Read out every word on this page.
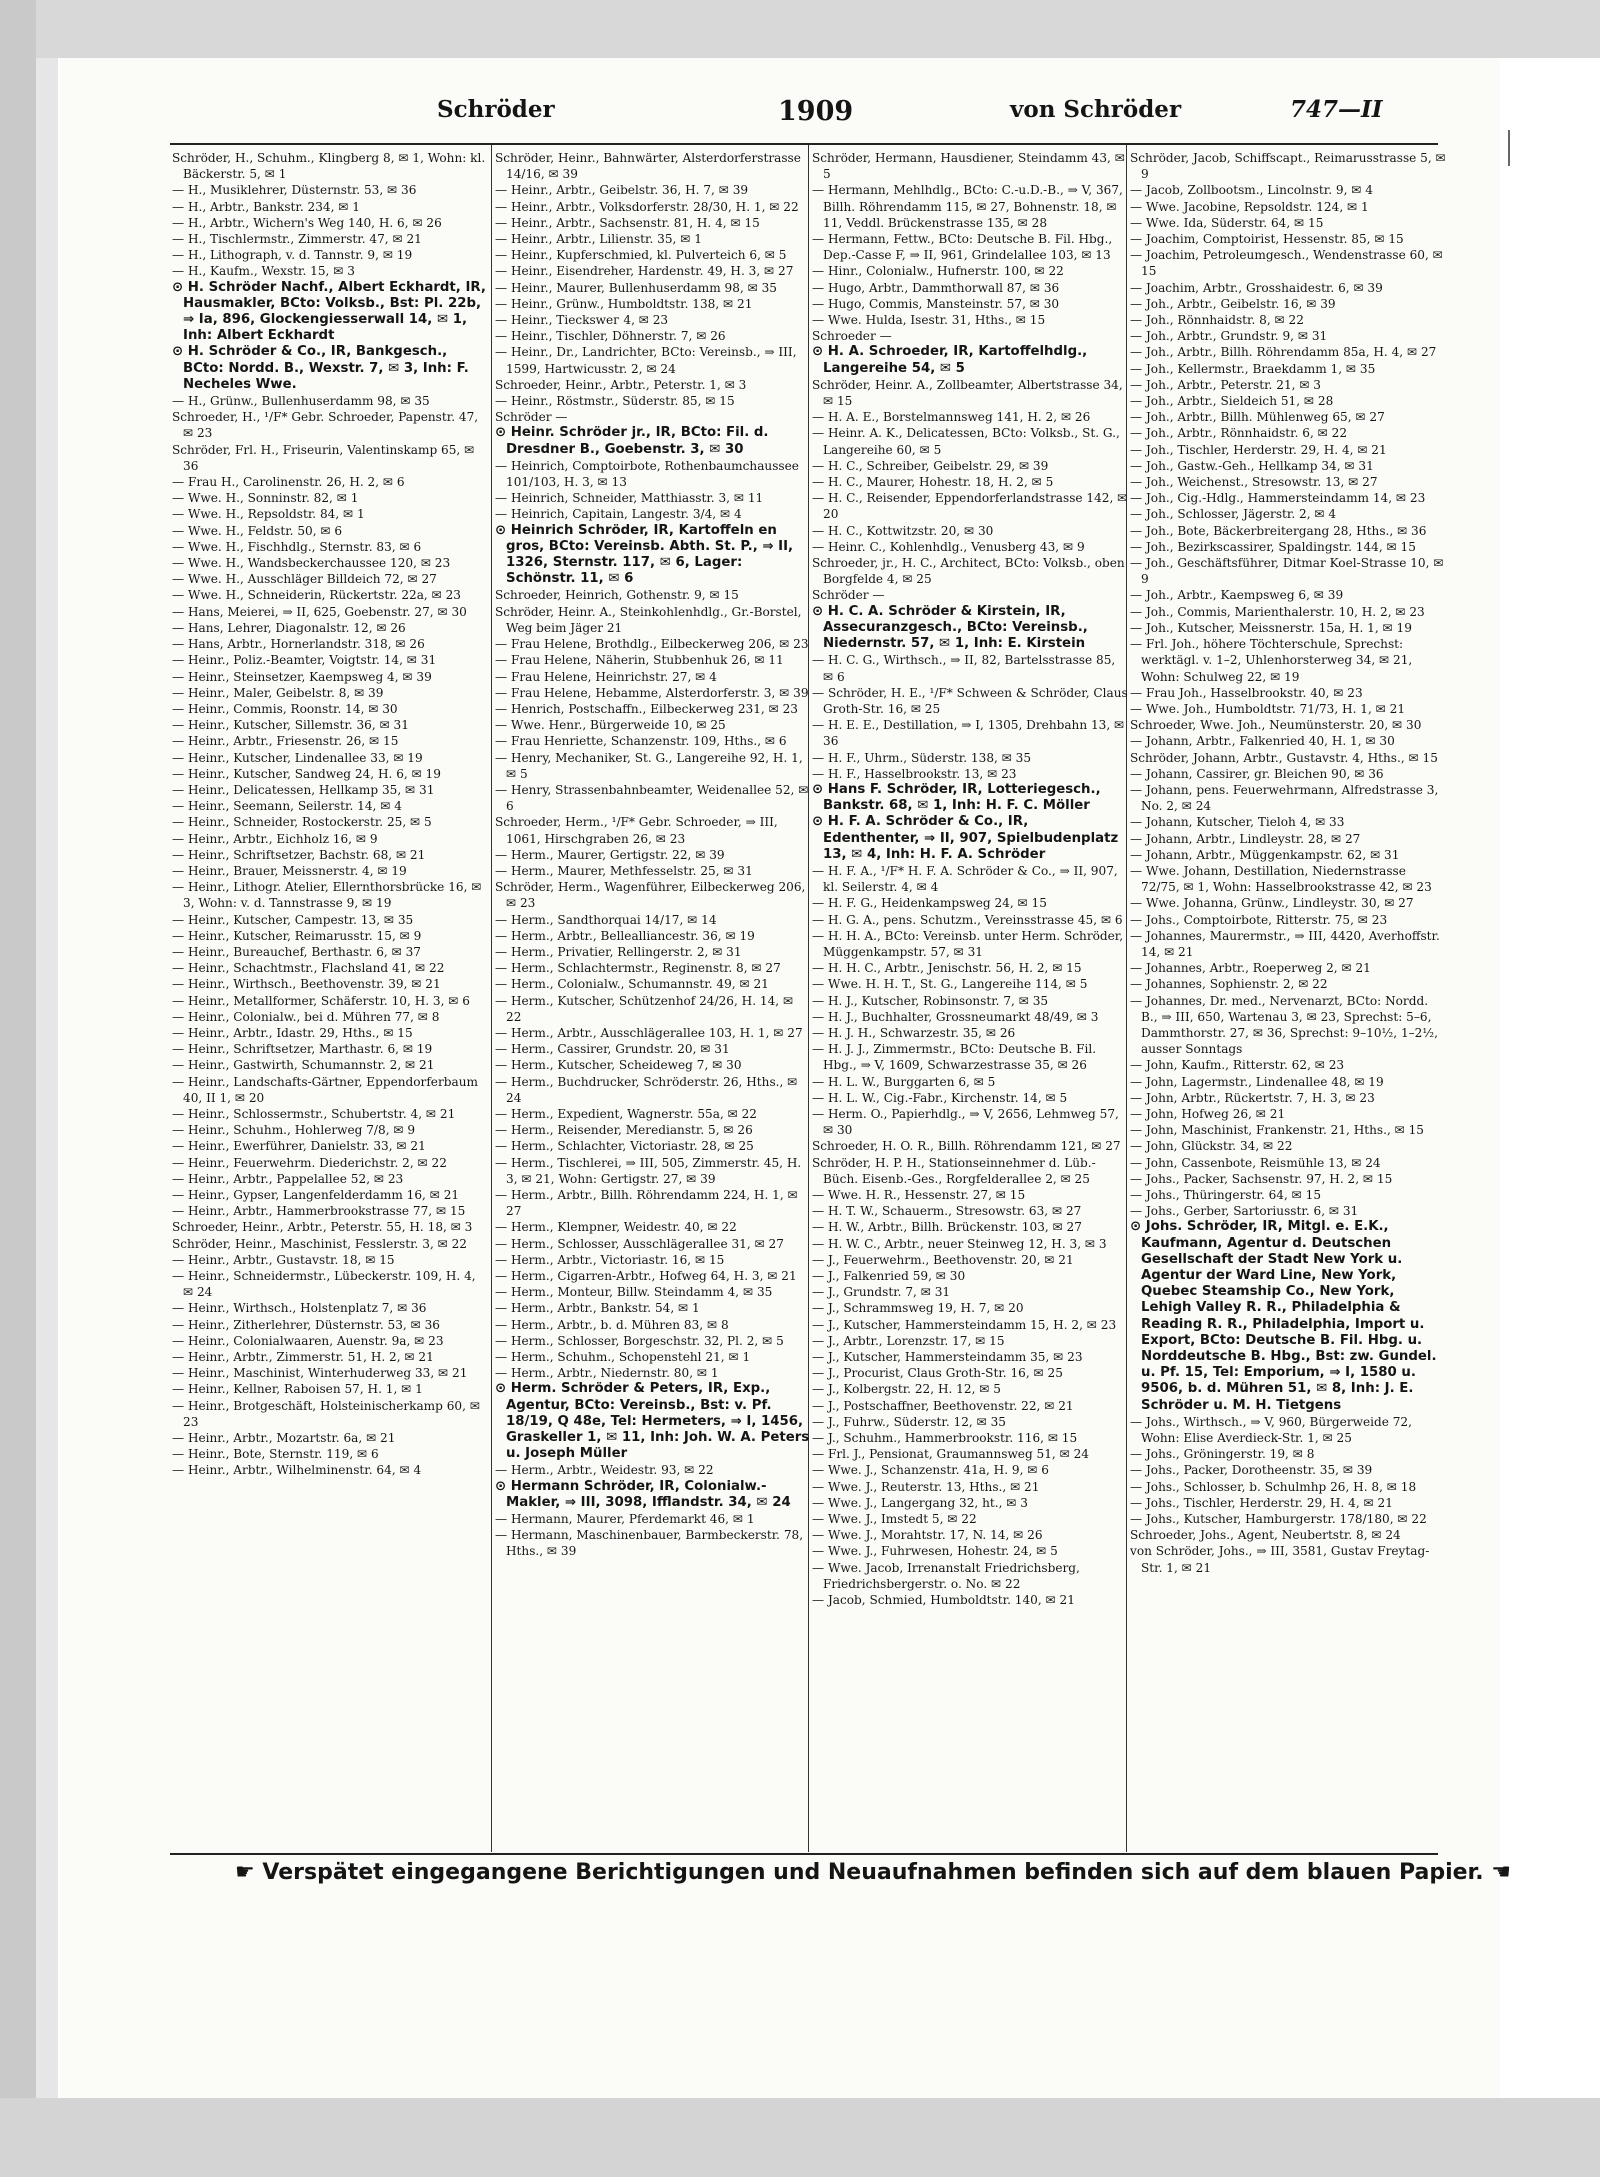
Schröder	1909	von Schröder	747—II

Schröder, H., Schuhm., Klingberg 8, ✉ 1, Wohn: kl. Bäckerstr. 5, ✉ 1

— H., Musiklehrer, Düsternstr. 53, ✉ 36

— H., Arbtr., Bankstr. 234, ✉ 1

— H., Arbtr., Wichern's Weg 140, H. 6, ✉ 26

— H., Tischlermstr., Zimmerstr. 47, ✉ 21

— H., Lithograph, v. d. Tannstr. 9, ✉ 19

— H., Kaufm., Wexstr. 15, ✉ 3

⊙ H. Schröder Nachf., Albert Eckhardt, IR, Hausmakler, BCto: Volksb., Bst: Pl. 22b, ⇒ Ia, 896, Glockengiesserwall 14, ✉ 1, Inh: Albert Eckhardt

⊙ H. Schröder & Co., IR, Bankgesch., BCto: Nordd. B., Wexstr. 7, ✉ 3, Inh: F. Necheles Wwe.

— H., Grünw., Bullenhuserdamm 98, ✉ 35

Schroeder, H., ¹/F* Gebr. Schroeder, Papenstr. 47, ✉ 23

Schröder, Frl. H., Friseurin, Valentinskamp 65, ✉ 36

— Frau H., Carolinenstr. 26, H. 2, ✉ 6

— Wwe. H., Sonninstr. 82, ✉ 1

— Wwe. H., Repsoldstr. 84, ✉ 1

— Wwe. H., Feldstr. 50, ✉ 6

— Wwe. H., Fischhdlg., Sternstr. 83, ✉ 6

— Wwe. H., Wandsbeckerchaussee 120, ✉ 23

— Wwe. H., Ausschläger Billdeich 72, ✉ 27

— Wwe. H., Schneiderin, Rückertstr. 22a, ✉ 23

— Hans, Meierei, ⇒ II, 625, Goebenstr. 27, ✉ 30

— Hans, Lehrer, Diagonalstr. 12, ✉ 26

— Hans, Arbtr., Hornerlandstr. 318, ✉ 26

— Heinr., Poliz.-Beamter, Voigtstr. 14, ✉ 31

— Heinr., Steinsetzer, Kaempsweg 4, ✉ 39

— Heinr., Maler, Geibelstr. 8, ✉ 39

— Heinr., Commis, Roonstr. 14, ✉ 30

— Heinr., Kutscher, Sillemstr. 36, ✉ 31

— Heinr., Arbtr., Friesenstr. 26, ✉ 15

— Heinr., Kutscher, Lindenallee 33, ✉ 19

— Heinr., Kutscher, Sandweg 24, H. 6, ✉ 19

— Heinr., Delicatessen, Hellkamp 35, ✉ 31

— Heinr., Seemann, Seilerstr. 14, ✉ 4

— Heinr., Schneider, Rostockerstr. 25, ✉ 5

— Heinr., Arbtr., Eichholz 16, ✉ 9

— Heinr., Schriftsetzer, Bachstr. 68, ✉ 21

— Heinr., Brauer, Meissnerstr. 4, ✉ 19

— Heinr., Lithogr. Atelier, Ellernthorsbrücke 16, ✉ 3, Wohn: v. d. Tannstrasse 9, ✉ 19

— Heinr., Kutscher, Campestr. 13, ✉ 35

— Heinr., Kutscher, Reimarusstr. 15, ✉ 9

— Heinr., Bureauchef, Berthastr. 6, ✉ 37

— Heinr., Schachtmstr., Flachsland 41, ✉ 22

— Heinr., Wirthsch., Beethovenstr. 39, ✉ 21

— Heinr., Metallformer, Schäferstr. 10, H. 3, ✉ 6

— Heinr., Colonialw., bei d. Mühren 77, ✉ 8

— Heinr., Arbtr., Idastr. 29, Hths., ✉ 15

— Heinr., Schriftsetzer, Marthastr. 6, ✉ 19

— Heinr., Gastwirth, Schumannstr. 2, ✉ 21

— Heinr., Landschafts-Gärtner, Eppendorferbaum 40, II 1, ✉ 20

— Heinr., Schlossermstr., Schubertstr. 4, ✉ 21

— Heinr., Schuhm., Hohlerweg 7/8, ✉ 9

— Heinr., Ewerführer, Danielstr. 33, ✉ 21

— Heinr., Feuerwehrm. Diederichstr. 2, ✉ 22

— Heinr., Arbtr., Pappelallee 52, ✉ 23

— Heinr., Gypser, Langenfelderdamm 16, ✉ 21

— Heinr., Arbtr., Hammerbrookstrasse 77, ✉ 15

Schroeder, Heinr., Arbtr., Peterstr. 55, H. 18, ✉ 3

Schröder, Heinr., Maschinist, Fesslerstr. 3, ✉ 22

— Heinr., Arbtr., Gustavstr. 18, ✉ 15

— Heinr., Schneidermstr., Lübeckerstr. 109, H. 4, ✉ 24

— Heinr., Wirthsch., Holstenplatz 7, ✉ 36

— Heinr., Zitherlehrer, Düsternstr. 53, ✉ 36

— Heinr., Colonialwaaren, Auenstr. 9a, ✉ 23

— Heinr., Arbtr., Zimmerstr. 51, H. 2, ✉ 21

— Heinr., Maschinist, Winterhuderweg 33, ✉ 21

— Heinr., Kellner, Raboisen 57, H. 1, ✉ 1

— Heinr., Brotgeschäft, Holsteinischerkamp 60, ✉ 23

— Heinr., Arbtr., Mozartstr. 6a, ✉ 21

— Heinr., Bote, Sternstr. 119, ✉ 6

— Heinr., Arbtr., Wilhelminenstr. 64, ✉ 4

Schröder, Heinr., Bahnwärter, Alsterdorferstrasse 14/16, ✉ 39

— Heinr., Arbtr., Geibelstr. 36, H. 7, ✉ 39

— Heinr., Arbtr., Volksdorferstr. 28/30, H. 1, ✉ 22

— Heinr., Arbtr., Sachsenstr. 81, H. 4, ✉ 15

— Heinr., Arbtr., Lilienstr. 35, ✉ 1

— Heinr., Kupferschmied, kl. Pulverteich 6, ✉ 5

— Heinr., Eisendreher, Hardenstr. 49, H. 3, ✉ 27

— Heinr., Maurer, Bullenhuserdamm 98, ✉ 35

— Heinr., Grünw., Humboldtstr. 138, ✉ 21

— Heinr., Tieckswег 4, ✉ 23

— Heinr., Tischler, Döhnerstr. 7, ✉ 26

— Heinr., Dr., Landrichter, BCto: Vereinsb., ⇒ III, 1599, Hartwicusstr. 2, ✉ 24

Schroeder, Heinr., Arbtr., Peterstr. 1, ✉ 3

— Heinr., Röstmstr., Süderstr. 85, ✉ 15

Schröder —

⊙ Heinr. Schröder jr., IR, BCto: Fil. d. Dresdner B., Goebenstr. 3, ✉ 30

— Heinrich, Comptoirbote, Rothenbaumchaussee 101/103, H. 3, ✉ 13

— Heinrich, Schneider, Matthiasstr. 3, ✉ 11

— Heinrich, Capitain, Langestr. 3/4, ✉ 4

⊙ Heinrich Schröder, IR, Kartoffeln en gros, BCto: Vereinsb. Abth. St. P., ⇒ II, 1326, Sternstr. 117, ✉ 6, Lager: Schönstr. 11, ✉ 6

Schroeder, Heinrich, Gothenstr. 9, ✉ 15

Schröder, Heinr. A., Steinkohlenhdlg., Gr.-Borstel, Weg beim Jäger 21

— Frau Helene, Brothdlg., Eilbeckerweg 206, ✉ 23

— Frau Helene, Näherin, Stubbenhuk 26, ✉ 11

— Frau Helene, Heinrichstr. 27, ✉ 4

— Frau Helene, Hebamme, Alsterdorferstr. 3, ✉ 39

— Henrich, Postschaffn., Eilbeckerweg 231, ✉ 23

— Wwe. Henr., Bürgerweide 10, ✉ 25

— Frau Henriette, Schanzenstr. 109, Hths., ✉ 6

— Henry, Mechaniker, St. G., Langereihe 92, H. 1, ✉ 5

— Henry, Strassenbahnbeamter, Weidenallee 52, ✉ 6

Schroeder, Herm., ¹/F* Gebr. Schroeder, ⇒ III, 1061, Hirschgraben 26, ✉ 23

— Herm., Maurer, Gertigstr. 22, ✉ 39

— Herm., Maurer, Methfesselstr. 25, ✉ 31

Schröder, Herm., Wagenführer, Eilbeckerweg 206, ✉ 23

— Herm., Sandthorquai 14/17, ✉ 14

— Herm., Arbtr., Bellealliancestr. 36, ✉ 19

— Herm., Privatier, Rellingerstr. 2, ✉ 31

— Herm., Schlachtermstr., Reginenstr. 8, ✉ 27

— Herm., Colonialw., Schumannstr. 49, ✉ 21

— Herm., Kutscher, Schützenhof 24/26, H. 14, ✉ 22

— Herm., Arbtr., Ausschlägerallee 103, H. 1, ✉ 27

— Herm., Cassirer, Grundstr. 20, ✉ 31

— Herm., Kutscher, Scheideweg 7, ✉ 30

— Herm., Buchdrucker, Schröderstr. 26, Hths., ✉ 24

— Herm., Expedient, Wagnerstr. 55a, ✉ 22

— Herm., Reisender, Meredianstr. 5, ✉ 26

— Herm., Schlachter, Victoriastr. 28, ✉ 25

— Herm., Tischlerei, ⇒ III, 505, Zimmerstr. 45, H. 3, ✉ 21, Wohn: Gertigstr. 27, ✉ 39

— Herm., Arbtr., Billh. Röhrendamm 224, H. 1, ✉ 27

— Herm., Klempner, Weidestr. 40, ✉ 22

— Herm., Schlosser, Ausschlägerallee 31, ✉ 27

— Herm., Arbtr., Victoriastr. 16, ✉ 15

— Herm., Cigarren-Arbtr., Hofweg 64, H. 3, ✉ 21

— Herm., Monteur, Billw. Steindamm 4, ✉ 35

— Herm., Arbtr., Bankstr. 54, ✉ 1

— Herm., Arbtr., b. d. Mühren 83, ✉ 8

— Herm., Schlosser, Borgeschstr. 32, Pl. 2, ✉ 5

— Herm., Schuhm., Schopenstehl 21, ✉ 1

— Herm., Arbtr., Niedernstr. 80, ✉ 1

⊙ Herm. Schröder & Peters, IR, Exp., Agentur, BCto: Vereinsb., Bst: v. Pf. 18/19, Q 48e, Tel: Hermeters, ⇒ I, 1456, Graskeller 1, ✉ 11, Inh: Joh. W. A. Peters u. Joseph Müller

— Herm., Arbtr., Weidestr. 93, ✉ 22

⊙ Hermann Schröder, IR, Colonialw.-Makler, ⇒ III, 3098, Ifflandstr. 34, ✉ 24

— Hermann, Maurer, Pferdemarkt 46, ✉ 1

— Hermann, Maschinenbauer, Barmbeckerstr. 78, Hths., ✉ 39

Schröder, Hermann, Hausdiener, Steindamm 43, ✉ 5

— Hermann, Mehlhdlg., BCto: C.-u.D.-B., ⇒ V, 367, Billh. Röhrendamm 115, ✉ 27, Bohnenstr. 18, ✉ 11, Veddl. Brückenstrasse 135, ✉ 28

— Hermann, Fettw., BCto: Deutsche B. Fil. Hbg., Dep.-Casse F, ⇒ II, 961, Grindelallee 103, ✉ 13

— Hinr., Colonialw., Hufnerstr. 100, ✉ 22

— Hugo, Arbtr., Dammthorwall 87, ✉ 36

— Hugo, Commis, Mansteinstr. 57, ✉ 30

— Wwe. Hulda, Isestr. 31, Hths., ✉ 15

Schroeder —

⊙ H. A. Schroeder, IR, Kartoffelhdlg., Langereihe 54, ✉ 5

Schröder, Heinr. A., Zollbeamter, Albertstrasse 34, ✉ 15

— H. A. E., Borstelmannsweg 141, H. 2, ✉ 26

— Heinr. A. K., Delicatessen, BCto: Volksb., St. G., Langereihe 60, ✉ 5

— H. C., Schreiber, Geibelstr. 29, ✉ 39

— H. C., Maurer, Hohestr. 18, H. 2, ✉ 5

— H. C., Reisender, Eppendorferlandstrasse 142, ✉ 20

— H. C., Kottwitzstr. 20, ✉ 30

— Heinr. C., Kohlenhdlg., Venusberg 43, ✉ 9

Schroeder, jr., H. C., Architect, BCto: Volksb., oben Borgfelde 4, ✉ 25

Schröder —

⊙ H. C. A. Schröder & Kirstein, IR, Assecuranzgesch., BCto: Vereinsb., Niedernstr. 57, ✉ 1, Inh: E. Kirstein

— H. C. G., Wirthsch., ⇒ II, 82, Bartelsstrasse 85, ✉ 6

— Schröder, H. E., ¹/F* Schween & Schröder, Claus Groth-Str. 16, ✉ 25

— H. E. E., Destillation, ⇒ I, 1305, Drehbahn 13, ✉ 36

— H. F., Uhrm., Süderstr. 138, ✉ 35

— H. F., Hasselbrookstr. 13, ✉ 23

⊙ Hans F. Schröder, IR, Lotteriegesch., Bankstr. 68, ✉ 1, Inh: H. F. C. Möller

⊙ H. F. A. Schröder & Co., IR, Edenthenter, ⇒ II, 907, Spielbudenplatz 13, ✉ 4, Inh: H. F. A. Schröder

— H. F. A., ¹/F* H. F. A. Schröder & Co., ⇒ II, 907, kl. Seilerstr. 4, ✉ 4

— H. F. G., Heidenkampsweg 24, ✉ 15

— H. G. A., pens. Schutzm., Vereinsstrasse 45, ✉ 6

— H. H. A., BCto: Vereinsb. unter Herm. Schröder, Müggenkampstr. 57, ✉ 31

— H. H. C., Arbtr., Jenischstr. 56, H. 2, ✉ 15

— Wwe. H. H. T., St. G., Langereihe 114, ✉ 5

— H. J., Kutscher, Robinsonstr. 7, ✉ 35

— H. J., Buchhalter, Grossneumarkt 48/49, ✉ 3

— H. J. H., Schwarzestr. 35, ✉ 26

— H. J. J., Zimmermstr., BCto: Deutsche B. Fil. Hbg., ⇒ V, 1609, Schwarzestrasse 35, ✉ 26

— H. L. W., Burggarten 6, ✉ 5

— H. L. W., Cig.-Fabr., Kirchenstr. 14, ✉ 5

— Herm. O., Papierhdlg., ⇒ V, 2656, Lehmweg 57, ✉ 30

Schroeder, H. O. R., Billh. Röhrendamm 121, ✉ 27

Schröder, H. P. H., Stationseinnehmer d. Lüb.-Büch. Eisenb.-Ges., Rorgfelderallee 2, ✉ 25

— Wwe. H. R., Hessenstr. 27, ✉ 15

— H. T. W., Schauerm., Stresowstr. 63, ✉ 27

— H. W., Arbtr., Billh. Brückenstr. 103, ✉ 27

— H. W. C., Arbtr., neuer Steinweg 12, H. 3, ✉ 3

— J., Feuerwehrm., Beethovenstr. 20, ✉ 21

— J., Falkenried 59, ✉ 30

— J., Grundstr. 7, ✉ 31

— J., Schrammsweg 19, H. 7, ✉ 20

— J., Kutscher, Hammersteindamm 15, H. 2, ✉ 23

— J., Arbtr., Lorenzstr. 17, ✉ 15

— J., Kutscher, Hammersteindamm 35, ✉ 23

— J., Procurist, Claus Groth-Str. 16, ✉ 25

— J., Kolbergstr. 22, H. 12, ✉ 5

— J., Postschaffner, Beethovenstr. 22, ✉ 21

— J., Fuhrw., Süderstr. 12, ✉ 35

— J., Schuhm., Hammerbrookstr. 116, ✉ 15

— Frl. J., Pensionat, Graumannsweg 51, ✉ 24

— Wwe. J., Schanzenstr. 41a, H. 9, ✉ 6

— Wwe. J., Reuterstr. 13, Hths., ✉ 21

— Wwe. J., Langergang 32, ht., ✉ 3

— Wwe. J., Imstedt 5, ✉ 22

— Wwe. J., Morahtstr. 17, N. 14, ✉ 26

— Wwe. J., Fuhrwesen, Hohestr. 24, ✉ 5

— Wwe. Jacob, Irrenanstalt Friedrichsberg, Friedrichsbergerstr. o. No. ✉ 22

— Jacob, Schmied, Humboldtstr. 140, ✉ 21

Schröder, Jacob, Schiffscapt., Reimarusstrasse 5, ✉ 9

— Jacob, Zollbootsm., Lincolnstr. 9, ✉ 4

— Wwe. Jacobine, Repsoldstr. 124, ✉ 1

— Wwe. Ida, Süderstr. 64, ✉ 15

— Joachim, Comptoirist, Hessenstr. 85, ✉ 15

— Joachim, Petroleumgesch., Wendenstrasse 60, ✉ 15

— Joachim, Arbtr., Grosshaidestr. 6, ✉ 39

— Joh., Arbtr., Geibelstr. 16, ✉ 39

— Joh., Rönnhaidstr. 8, ✉ 22

— Joh., Arbtr., Grundstr. 9, ✉ 31

— Joh., Arbtr., Billh. Röhrendamm 85a, H. 4, ✉ 27

— Joh., Kellermstr., Braekdamm 1, ✉ 35

— Joh., Arbtr., Peterstr. 21, ✉ 3

— Joh., Arbtr., Sieldeich 51, ✉ 28

— Joh., Arbtr., Billh. Mühlenweg 65, ✉ 27

— Joh., Arbtr., Rönnhaidstr. 6, ✉ 22

— Joh., Tischler, Herderstr. 29, H. 4, ✉ 21

— Joh., Gastw.-Geh., Hellkamp 34, ✉ 31

— Joh., Weichenst., Stresowstr. 13, ✉ 27

— Joh., Cig.-Hdlg., Hammersteindamm 14, ✉ 23

— Joh., Schlosser, Jägerstr. 2, ✉ 4

— Joh., Bote, Bäckerbreitergang 28, Hths., ✉ 36

— Joh., Bezirkscassirer, Spaldingstr. 144, ✉ 15

— Joh., Geschäftsführer, Ditmar Koel-Strasse 10, ✉ 9

— Joh., Arbtr., Kaempsweg 6, ✉ 39

— Joh., Commis, Marienthalerstr. 10, H. 2, ✉ 23

— Joh., Kutscher, Meissnerstr. 15a, H. 1, ✉ 19

— Frl. Joh., höhere Töchterschule, Sprechst: werktägl. v. 1–2, Uhlenhorsterweg 34, ✉ 21, Wohn: Schulweg 22, ✉ 19

— Frau Joh., Hasselbrookstr. 40, ✉ 23

— Wwe. Joh., Humboldtstr. 71/73, H. 1, ✉ 21

Schroeder, Wwe. Joh., Neumünsterstr. 20, ✉ 30

— Johann, Arbtr., Falkenried 40, H. 1, ✉ 30

Schröder, Johann, Arbtr., Gustavstr. 4, Hths., ✉ 15

— Johann, Cassirer, gr. Bleichen 90, ✉ 36

— Johann, pens. Feuerwehrmann, Alfredstrasse 3, No. 2, ✉ 24

— Johann, Kutscher, Tieloh 4, ✉ 33

— Johann, Arbtr., Lindleystr. 28, ✉ 27

— Johann, Arbtr., Müggenkampstr. 62, ✉ 31

— Wwe. Johann, Destillation, Niedernstrasse 72/75, ✉ 1, Wohn: Hasselbrookstrasse 42, ✉ 23

— Wwe. Johanna, Grünw., Lindleystr. 30, ✉ 27

— Johs., Comptoirbote, Ritterstr. 75, ✉ 23

— Johannes, Maurermstr., ⇒ III, 4420, Averhoffstr. 14, ✉ 21

— Johannes, Arbtr., Roeperweg 2, ✉ 21

— Johannes, Sophienstr. 2, ✉ 22

— Johannes, Dr. med., Nervenarzt, BCto: Nordd. B., ⇒ III, 650, Wartenau 3, ✉ 23, Sprechst: 5–6, Dammthorstr. 27, ✉ 36, Sprechst: 9–10½, 1–2½, ausser Sonntags

— John, Kaufm., Ritterstr. 62, ✉ 23

— John, Lagermstr., Lindenallee 48, ✉ 19

— John, Arbtr., Rückertstr. 7, H. 3, ✉ 23

— John, Hofweg 26, ✉ 21

— John, Maschinist, Frankenstr. 21, Hths., ✉ 15

— John, Glückstr. 34, ✉ 22

— John, Cassenbote, Reismühle 13, ✉ 24

— Johs., Packer, Sachsenstr. 97, H. 2, ✉ 15

— Johs., Thüringerstr. 64, ✉ 15

— Johs., Gerber, Sartoriusstr. 6, ✉ 31

⊙ Johs. Schröder, IR, Mitgl. e. E.K., Kaufmann, Agentur d. Deutschen Gesellschaft der Stadt New York u. Agentur der Ward Line, New York, Quebec Steamship Co., New York, Lehigh Valley R. R., Philadelphia & Reading R. R., Philadelphia, Import u. Export, BCto: Deutsche B. Fil. Hbg. u. Norddeutsche B. Hbg., Bst: zw. Gundel. u. Pf. 15, Tel: Emporium, ⇒ I, 1580 u. 9506, b. d. Mühren 51, ✉ 8, Inh: J. E. Schröder u. M. H. Tietgens

— Johs., Wirthsch., ⇒ V, 960, Bürgerweide 72, Wohn: Elise Averdieck-Str. 1, ✉ 25

— Johs., Gröningerstr. 19, ✉ 8

— Johs., Packer, Dorotheenstr. 35, ✉ 39

— Johs., Schlosser, b. Schulmhp 26, H. 8, ✉ 18

— Johs., Tischler, Herderstr. 29, H. 4, ✉ 21

— Johs., Kutscher, Hamburgerstr. 178/180, ✉ 22

Schroeder, Johs., Agent, Neubertstr. 8, ✉ 24

von Schröder, Johs., ⇒ III, 3581, Gustav Freytag-Str. 1, ✉ 21

☛ Verspätet eingegangene Berichtigungen und Neuaufnahmen befinden sich auf dem blauen Papier. ☚
